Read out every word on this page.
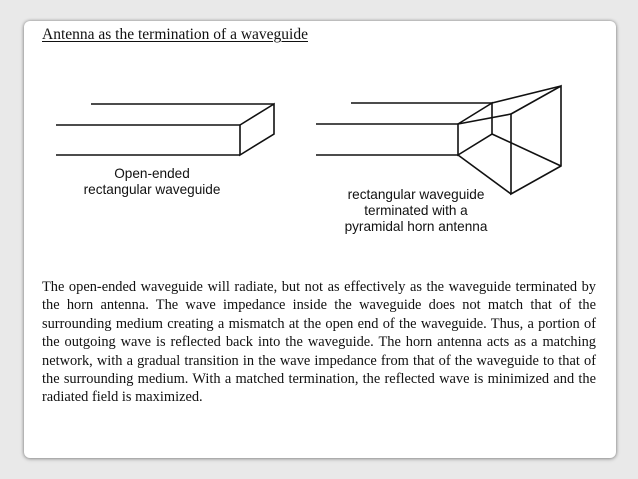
Antenna as the termination of a waveguide
Open-ended
rectangular waveguide	rectangular waveguide
terminated with a
pyramidal horn antenna
The open-ended waveguide will radiate, but not as effectively as the waveguide terminated by the horn antenna. The wave impedance inside the waveguide does not match that of the surrounding medium creating a mismatch at the open end of the waveguide. Thus, a portion of the outgoing wave is reflected back into the waveguide. The horn antenna acts as a matching network, with a gradual transition in the wave impedance from that of the waveguide to that of the surrounding medium. With a matched termination, the reflected wave is minimized and the radiated field is maximized.
